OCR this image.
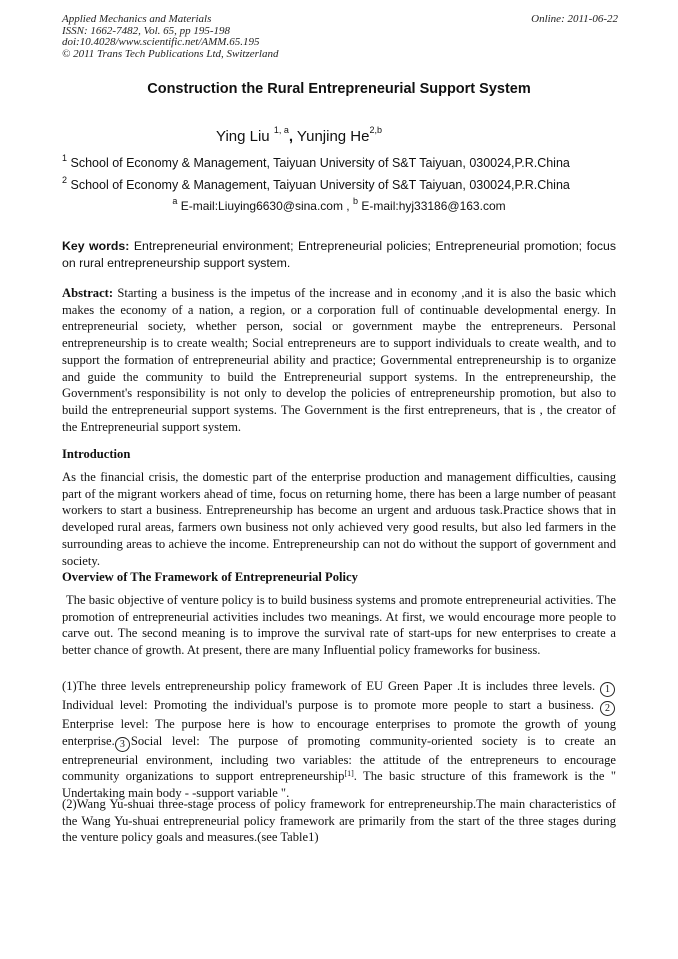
Applied Mechanics and Materials
ISSN: 1662-7482, Vol. 65, pp 195-198
doi:10.4028/www.scientific.net/AMM.65.195
© 2011 Trans Tech Publications Ltd, Switzerland
Online: 2011-06-22
Construction the Rural Entrepreneurial Support System
Ying Liu $^{1, a}$, Yunjing He$^{2,b}$
$^1$ School of Economy & Management, Taiyuan University of S&T Taiyuan, 030024,P.R.China
$^2$ School of Economy & Management, Taiyuan University of S&T Taiyuan, 030024,P.R.China
$^a$ E-mail:Liuying6630@sina.com , $^b$ E-mail:hyj33186@163.com
Key words: Entrepreneurial environment; Entrepreneurial policies; Entrepreneurial promotion; focus on rural entrepreneurship support system.
Abstract: Starting a business is the impetus of the increase and in economy ,and it is also the basic which makes the economy of a nation, a region, or a corporation full of continuable developmental energy. In entrepreneurial society, whether person, social or government maybe the entrepreneurs. Personal entrepreneurship is to create wealth; Social entrepreneurs are to support individuals to create wealth, and to support the formation of entrepreneurial ability and practice; Governmental entrepreneurship is to organize and guide the community to build the Entrepreneurial support systems. In the entrepreneurship, the Government's responsibility is not only to develop the policies of entrepreneurship promotion, but also to build the entrepreneurial support systems. The Government is the first entrepreneurs, that is , the creator of the Entrepreneurial support system.
Introduction
As the financial crisis, the domestic part of the enterprise production and management difficulties, causing part of the migrant workers ahead of time, focus on returning home, there has been a large number of peasant workers to start a business. Entrepreneurship has become an urgent and arduous task.Practice shows that in developed rural areas, farmers own business not only achieved very good results, but also led farmers in the surrounding areas to achieve the income. Entrepreneurship can not do without the support of government and society.
Overview of The Framework of Entrepreneurial Policy
The basic objective of venture policy is to build business systems and promote entrepreneurial activities. The promotion of entrepreneurial activities includes two meanings. At first, we would encourage more people to carve out. The second meaning is to improve the survival rate of start-ups for new enterprises to create a better chance of growth. At present, there are many Influential policy frameworks for business.
(1)The three levels entrepreneurship policy framework of EU Green Paper .It is includes three levels. 1Individual level: Promoting the individual's purpose is to promote more people to start a business. 2Enterprise level: The purpose here is how to encourage enterprises to promote the growth of young enterprise. 3 Social level: The purpose of promoting community-oriented society is to create an entrepreneurial environment, including two variables: the attitude of the entrepreneurs to encourage community organizations to support entrepreneurship[1]. The basic structure of this framework is the " Undertaking main body - -support variable ".
(2)Wang Yu-shuai three-stage process of policy framework for entrepreneurship.The main characteristics of the Wang Yu-shuai entrepreneurial policy framework are primarily from the start of the three stages during the venture policy goals and measures.(see Table1)
